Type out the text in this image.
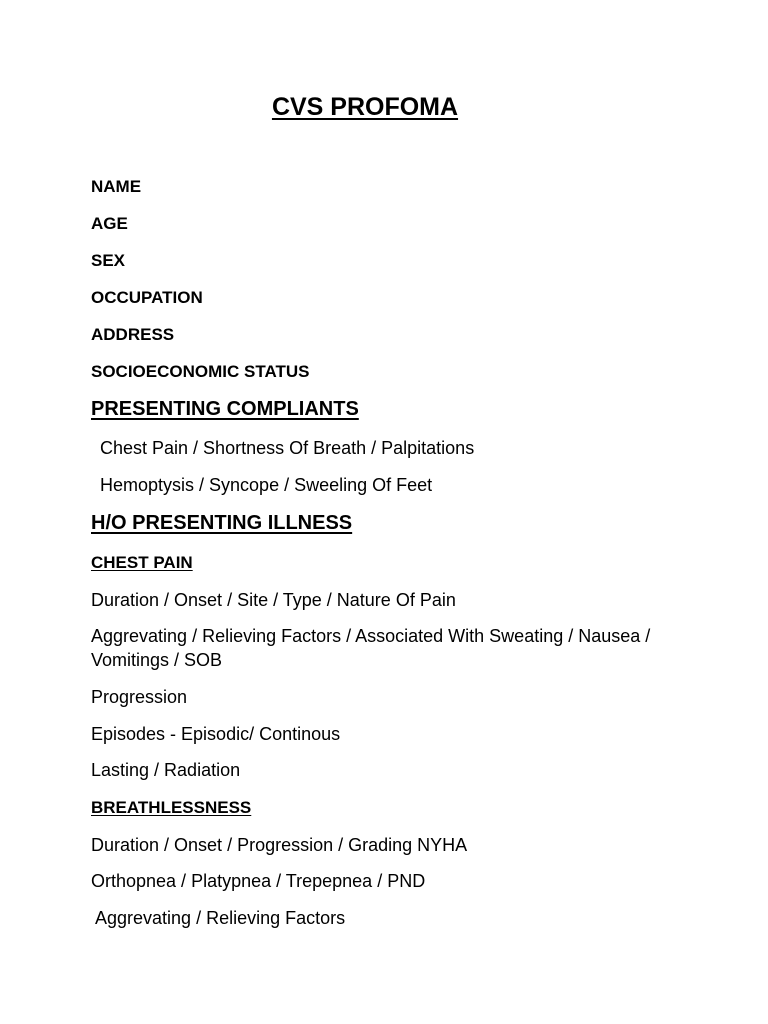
CVS PROFOMA
NAME
AGE
SEX
OCCUPATION
ADDRESS
SOCIOECONOMIC STATUS
PRESENTING COMPLIANTS
Chest Pain / Shortness Of Breath / Palpitations
Hemoptysis / Syncope / Sweeling Of Feet
H/O PRESENTING ILLNESS
CHEST PAIN
Duration / Onset / Site / Type / Nature Of Pain
Aggrevating / Relieving Factors / Associated With Sweating / Nausea / Vomitings / SOB
Progression
Episodes - Episodic/ Continous
Lasting / Radiation
BREATHLESSNESS
Duration / Onset / Progression / Grading NYHA
Orthopnea / Platypnea / Trepepnea / PND
Aggrevating / Relieving Factors
